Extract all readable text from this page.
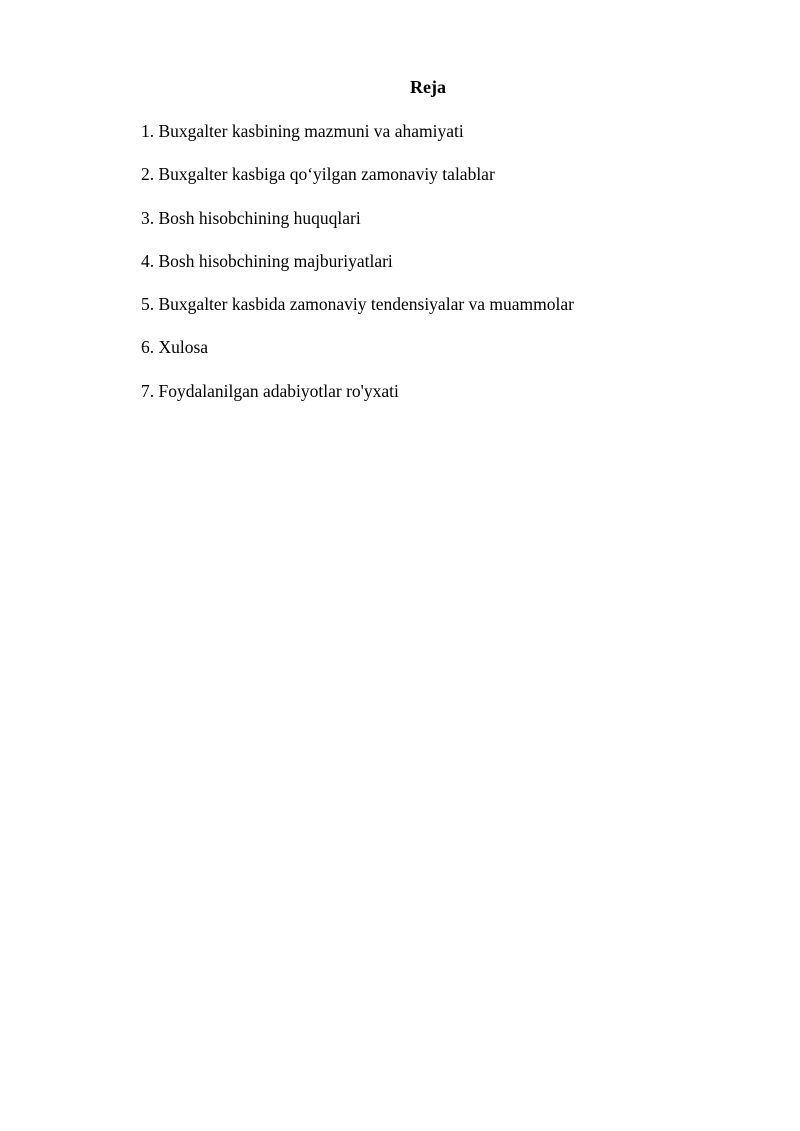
Reja
1. Buxgalter kasbining mazmuni va ahamiyati
2. Buxgalter kasbiga qo‘yilgan zamonaviy talablar
3. Bosh hisobchining huquqlari
4. Bosh hisobchining majburiyatlari
5. Buxgalter kasbida zamonaviy tendensiyalar va muammolar
6. Xulosa
7. Foydalanilgan adabiyotlar ro'yxati
